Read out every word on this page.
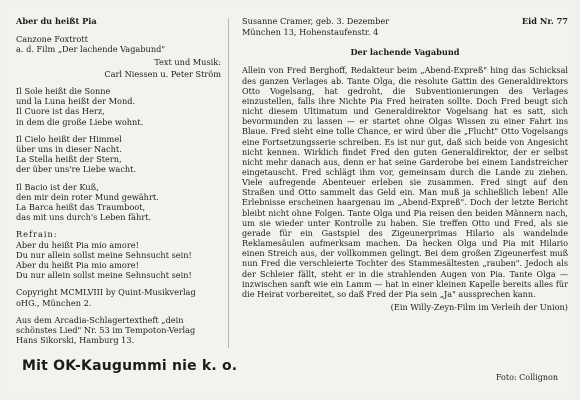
Aber du heißt Pia
Canzone Foxtrott
a. d. Film „Der lachende Vagabund"
Text und Musik:
Carl Niessen u. Peter Ström
Il Sole heißt die Sonne
und la Luna heißt der Mond.
Il Cuore ist das Herz,
in dem die große Liebe wohnt.
Il Cielo heißt der Himmel
über uns in dieser Nacht.
La Stella heißt der Stern,
der über uns're Liebe wacht.
Il Bacio ist der Kuß,
den mir dein roter Mund gewährt.
La Barca heißt das Traumboot,
das mit uns durch's Leben fährt.
Refrain:
Aber du heißt Pia mio amore!
Du nur allein sollst meine Sehnsucht sein!
Aber du heißt Pia mio amore!
Du nur allein sollst meine Sehnsucht sein!
Copyright MCMLVIII by Quint-Musikverlag
oHG., München 2.
Aus dem Arcadia-Schlagertextheft „dein
schönstes Lied" Nr. 53 im Tempoton-Verlag
Hans Sikorski, Hamburg 13.
Susanne Cramer, geb. 3. Dezember	Eid Nr. 77
München 13, Hohenstaufenstr. 4
Der lachende Vagabund
Allein von Fred Berghoff, Redakteur beim „Abend-Expreß" hing das Schicksal des ganzen Verlages ab. Tante Olga, die resolute Gattin des Generaldirektors Otto Vogelsang, hat gedroht, die Subventionierungen des Verlages einzustellen, falls ihre Nichte Pia Fred heiraten sollte. Doch Fred beugt sich nicht diesem Ultimatum und Generaldirektor Vogelsang hat es satt, sich bevormunden zu lassen — er startet ohne Olgas Wissen zu einer Fahrt ins Blaue. Fred sieht eine tolle Chance, er wird über die „Flucht" Otto Vogelsangs eine Fortsetzungsserie schreiben. Es ist nur gut, daß sich beide von Angesicht nicht kennen. Wirklich findet Fred den guten Generaldirektor, der er selbst nicht mehr danach aus, denn er hat seine Garderobe bei einem Landstreicher eingetauscht. Fred schlägt ihm vor, gemeinsam durch die Lande zu ziehen. Viele aufregende Abenteuer erleben sie zusammen. Fred singt auf den Straßen und Otto sammelt das Geld ein. Man muß ja schließlich leben! Alle Erlebnisse erscheinen haargenau im „Abend-Expreß". Doch der letzte Bericht bleibt nicht ohne Folgen. Tante Olga und Pia reisen den beiden Männern nach, um sie wieder unter Kontrolle zu haben. Sie treffen Otto und Fred, als sie gerade für ein Gastspiel des Zigeunerprimas Hilario als wandelnde Reklamesäulen aufmerksam machen. Da hecken Olga und Pia mit Hilario einen Streich aus, der vollkommen gelingt. Bei dem großen Zigeunerfest muß nun Fred die verschleierte Tochter des Stammesältesten „rauben". Jedoch als der Schleier fällt, steht er in die strahlenden Augen von Pia. Tante Olga — inzwischen sanft wie ein Lamm — hat in einer kleinen Kapelle bereits alles für die Heirat vorbereitet, so daß Fred der Pia sein „Ja" aussprechen kann.
(Ein Willy-Zeyn-Film im Verleih der Union)
Mit OK-Kaugummi nie k. o.
Foto: Collignon
